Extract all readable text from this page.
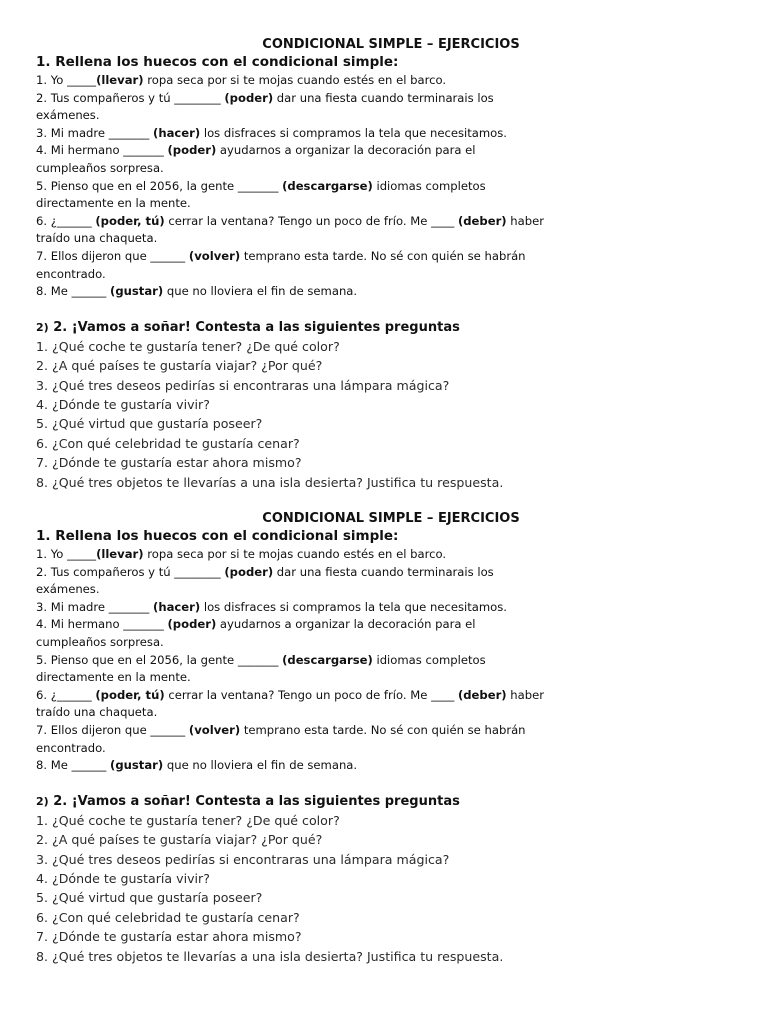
CONDICIONAL SIMPLE – EJERCICIOS
1. Rellena los huecos con el condicional simple:
1. Yo _____(llevar) ropa seca por si te mojas cuando estés en el barco.
2. Tus compañeros y tú ________ (poder) dar una fiesta cuando terminarais los
exámenes.
3. Mi madre _______ (hacer) los disfraces si compramos la tela que necesitamos.
4. Mi hermano _______ (poder) ayudarnos a organizar la decoración para el
cumpleaños sorpresa.
5. Pienso que en el 2056, la gente _______ (descargarse) idiomas completos
directamente en la mente.
6. ¿______ (poder, tú) cerrar la ventana? Tengo un poco de frío. Me ____ (deber) haber
traído una chaqueta.
7. Ellos dijeron que ______ (volver) temprano esta tarde. No sé con quién se habrán
encontrado.
8. Me ______ (gustar) que no lloviera el fin de semana.
2) 2. ¡Vamos a soñar! Contesta a las siguientes preguntas
1. ¿Qué coche te gustaría tener? ¿De qué color?
2. ¿A qué países te gustaría viajar? ¿Por qué?
3. ¿Qué tres deseos pedirías si encontraras una lámpara mágica?
4. ¿Dónde te gustaría vivir?
5. ¿Qué virtud que gustaría poseer?
6. ¿Con qué celebridad te gustaría cenar?
7. ¿Dónde te gustaría estar ahora mismo?
8. ¿Qué tres objetos te llevarías a una isla desierta? Justifica tu respuesta.
CONDICIONAL SIMPLE – EJERCICIOS
1. Rellena los huecos con el condicional simple:
1. Yo _____(llevar) ropa seca por si te mojas cuando estés en el barco.
2. Tus compañeros y tú ________ (poder) dar una fiesta cuando terminarais los
exámenes.
3. Mi madre _______ (hacer) los disfraces si compramos la tela que necesitamos.
4. Mi hermano _______ (poder) ayudarnos a organizar la decoración para el
cumpleaños sorpresa.
5. Pienso que en el 2056, la gente _______ (descargarse) idiomas completos
directamente en la mente.
6. ¿______ (poder, tú) cerrar la ventana? Tengo un poco de frío. Me ____ (deber) haber
traído una chaqueta.
7. Ellos dijeron que ______ (volver) temprano esta tarde. No sé con quién se habrán
encontrado.
8. Me ______ (gustar) que no lloviera el fin de semana.
2) 2. ¡Vamos a soñar! Contesta a las siguientes preguntas
1. ¿Qué coche te gustaría tener? ¿De qué color?
2. ¿A qué países te gustaría viajar? ¿Por qué?
3. ¿Qué tres deseos pedirías si encontraras una lámpara mágica?
4. ¿Dónde te gustaría vivir?
5. ¿Qué virtud que gustaría poseer?
6. ¿Con qué celebridad te gustaría cenar?
7. ¿Dónde te gustaría estar ahora mismo?
8. ¿Qué tres objetos te llevarías a una isla desierta? Justifica tu respuesta.
